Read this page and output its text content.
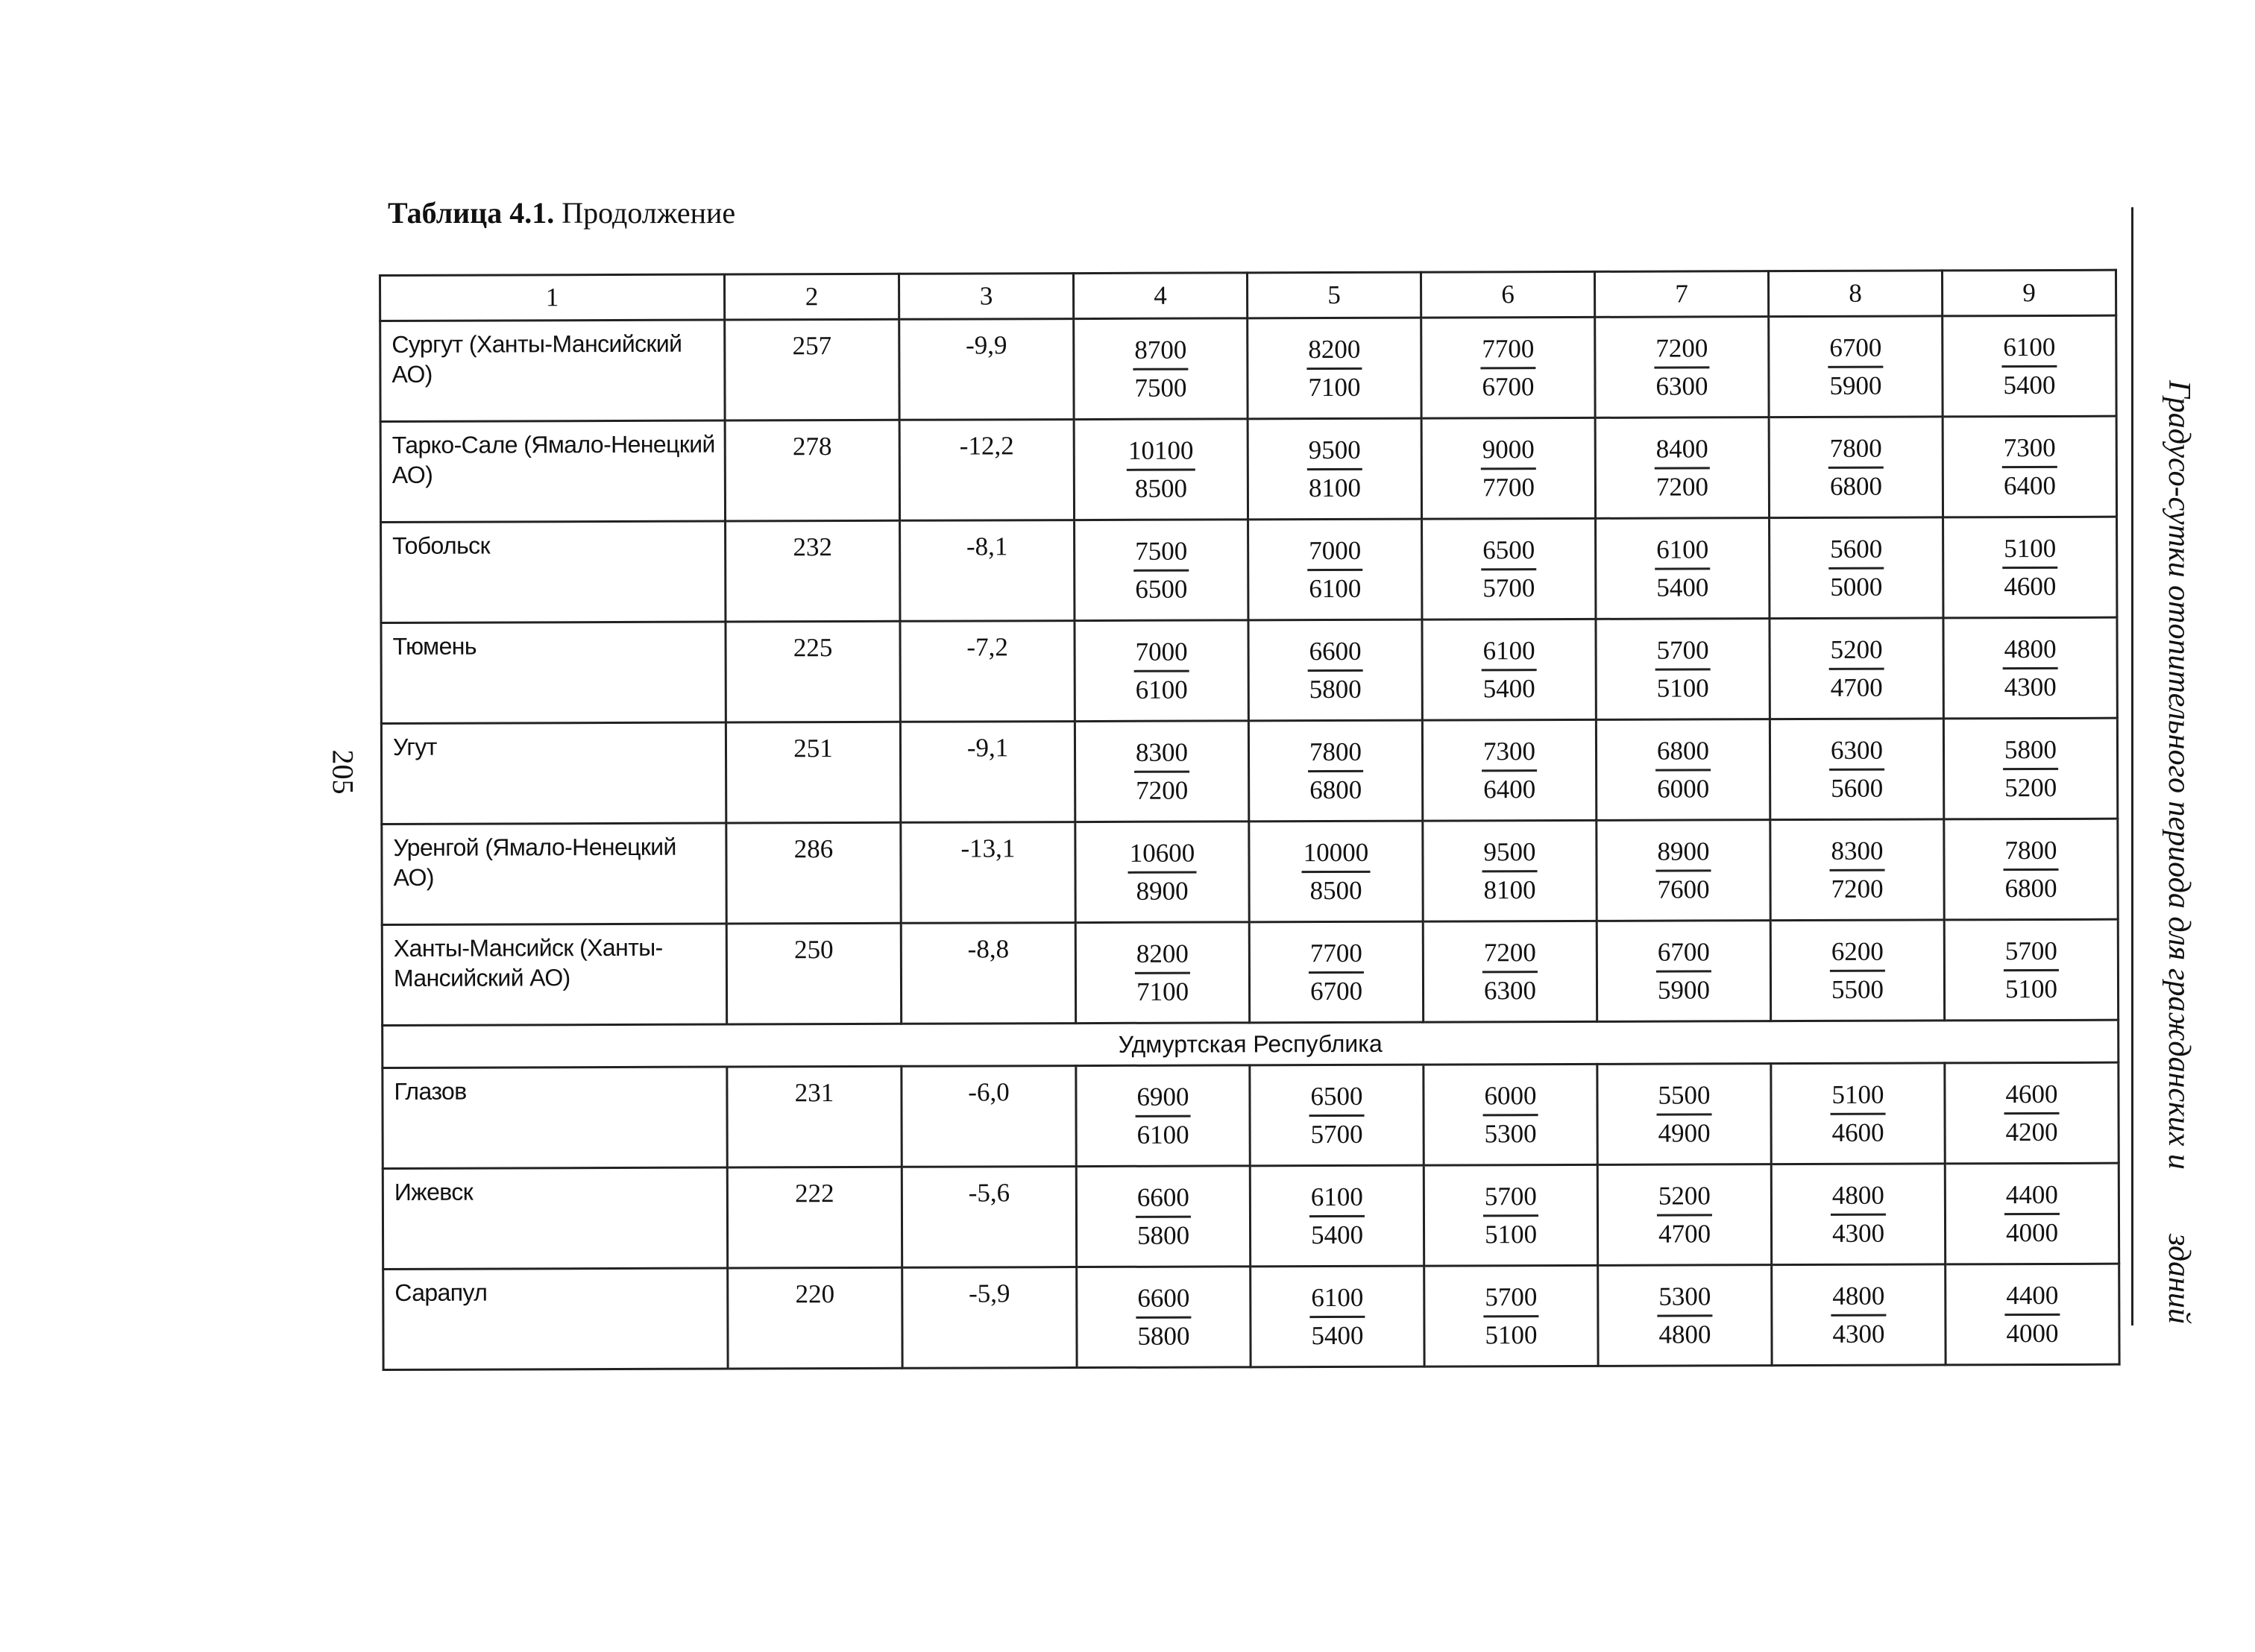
Таблица 4.1. Продолжение
205	Градусо-сутки отопительного периода для гражданских и
зданий
1	2	3	4	5	6	7	8	9
Сургут (Ханты-Мансийский АО)	257	-9,9	$\frac{8700}{7500}$	$\frac{8200}{7100}$	$\frac{7700}{6700}$	$\frac{7200}{6300}$	$\frac{6700}{5900}$	$\frac{6100}{5400}$

Тарко-Сале (Ямало-Ненецкий АО)	278	-12,2	$\frac{10100}{8500}$	$\frac{9500}{8100}$	$\frac{9000}{7700}$	$\frac{8400}{7200}$	$\frac{7800}{6800}$	$\frac{7300}{6400}$

Тобольск	232	-8,1	$\frac{7500}{6500}$	$\frac{7000}{6100}$	$\frac{6500}{5700}$	$\frac{6100}{5400}$	$\frac{5600}{5000}$	$\frac{5100}{4600}$

Тюмень	225	-7,2	$\frac{7000}{6100}$	$\frac{6600}{5800}$	$\frac{6100}{5400}$	$\frac{5700}{5100}$	$\frac{5200}{4700}$	$\frac{4800}{4300}$

Угут	251	-9,1	$\frac{8300}{7200}$	$\frac{7800}{6800}$	$\frac{7300}{6400}$	$\frac{6800}{6000}$	$\frac{6300}{5600}$	$\frac{5800}{5200}$

Уренгой (Ямало-Ненецкий АО)	286	-13,1	$\frac{10600}{8900}$	$\frac{10000}{8500}$	$\frac{9500}{8100}$	$\frac{8900}{7600}$	$\frac{8300}{7200}$	$\frac{7800}{6800}$

Ханты-Мансийск (Ханты-Мансийский АО)	250	-8,8	$\frac{8200}{7100}$	$\frac{7700}{6700}$	$\frac{7200}{6300}$	$\frac{6700}{5900}$	$\frac{6200}{5500}$	$\frac{5700}{5100}$

Удмуртская Республика								
Глазов	231	-6,0	$\frac{6900}{6100}$	$\frac{6500}{5700}$	$\frac{6000}{5300}$	$\frac{5500}{4900}$	$\frac{5100}{4600}$	$\frac{4600}{4200}$

Ижевск	222	-5,6	$\frac{6600}{5800}$	$\frac{6100}{5400}$	$\frac{5700}{5100}$	$\frac{5200}{4700}$	$\frac{4800}{4300}$	$\frac{4400}{4000}$

Сарапул	220	-5,9	$\frac{6600}{5800}$	$\frac{6100}{5400}$	$\frac{5700}{5100}$	$\frac{5300}{4800}$	$\frac{4800}{4300}$	$\frac{4400}{4000}$
